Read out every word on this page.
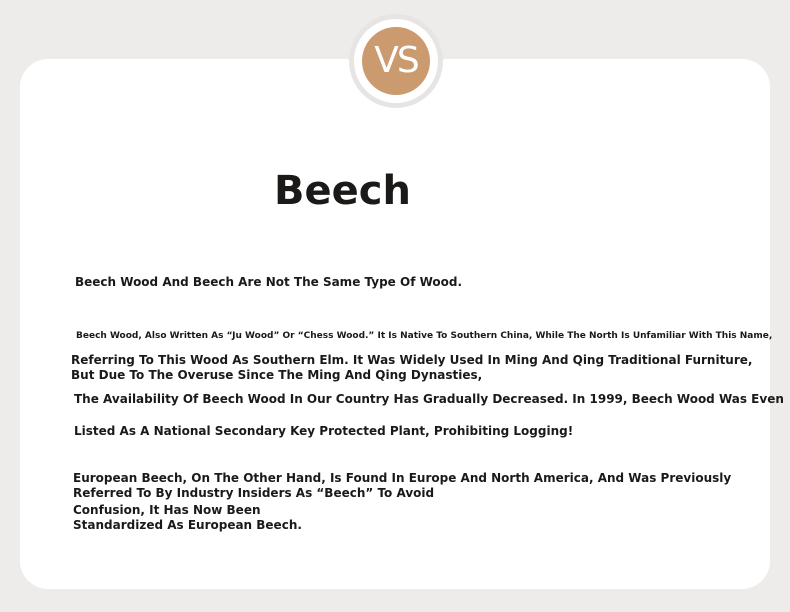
VS
Beech

Beech Wood And Beech Are Not The Same Type Of Wood.

Beech Wood, Also Written As “Ju Wood” Or “Chess Wood.” It Is Native To Southern China, While The North Is Unfamiliar With This Name,

Referring To This Wood As Southern Elm. It Was Widely Used In Ming And Qing Traditional Furniture, But Due To The Overuse Since The Ming And Qing Dynasties,

The Availability Of Beech Wood In Our Country Has Gradually Decreased. In 1999, Beech Wood Was Even

Listed As A National Secondary Key Protected Plant, Prohibiting Logging!

European Beech, On The Other Hand, Is Found In Europe And North America, And Was Previously Referred To By Industry Insiders As “Beech” To Avoid

Confusion, It Has Now Been Standardized As European Beech.
